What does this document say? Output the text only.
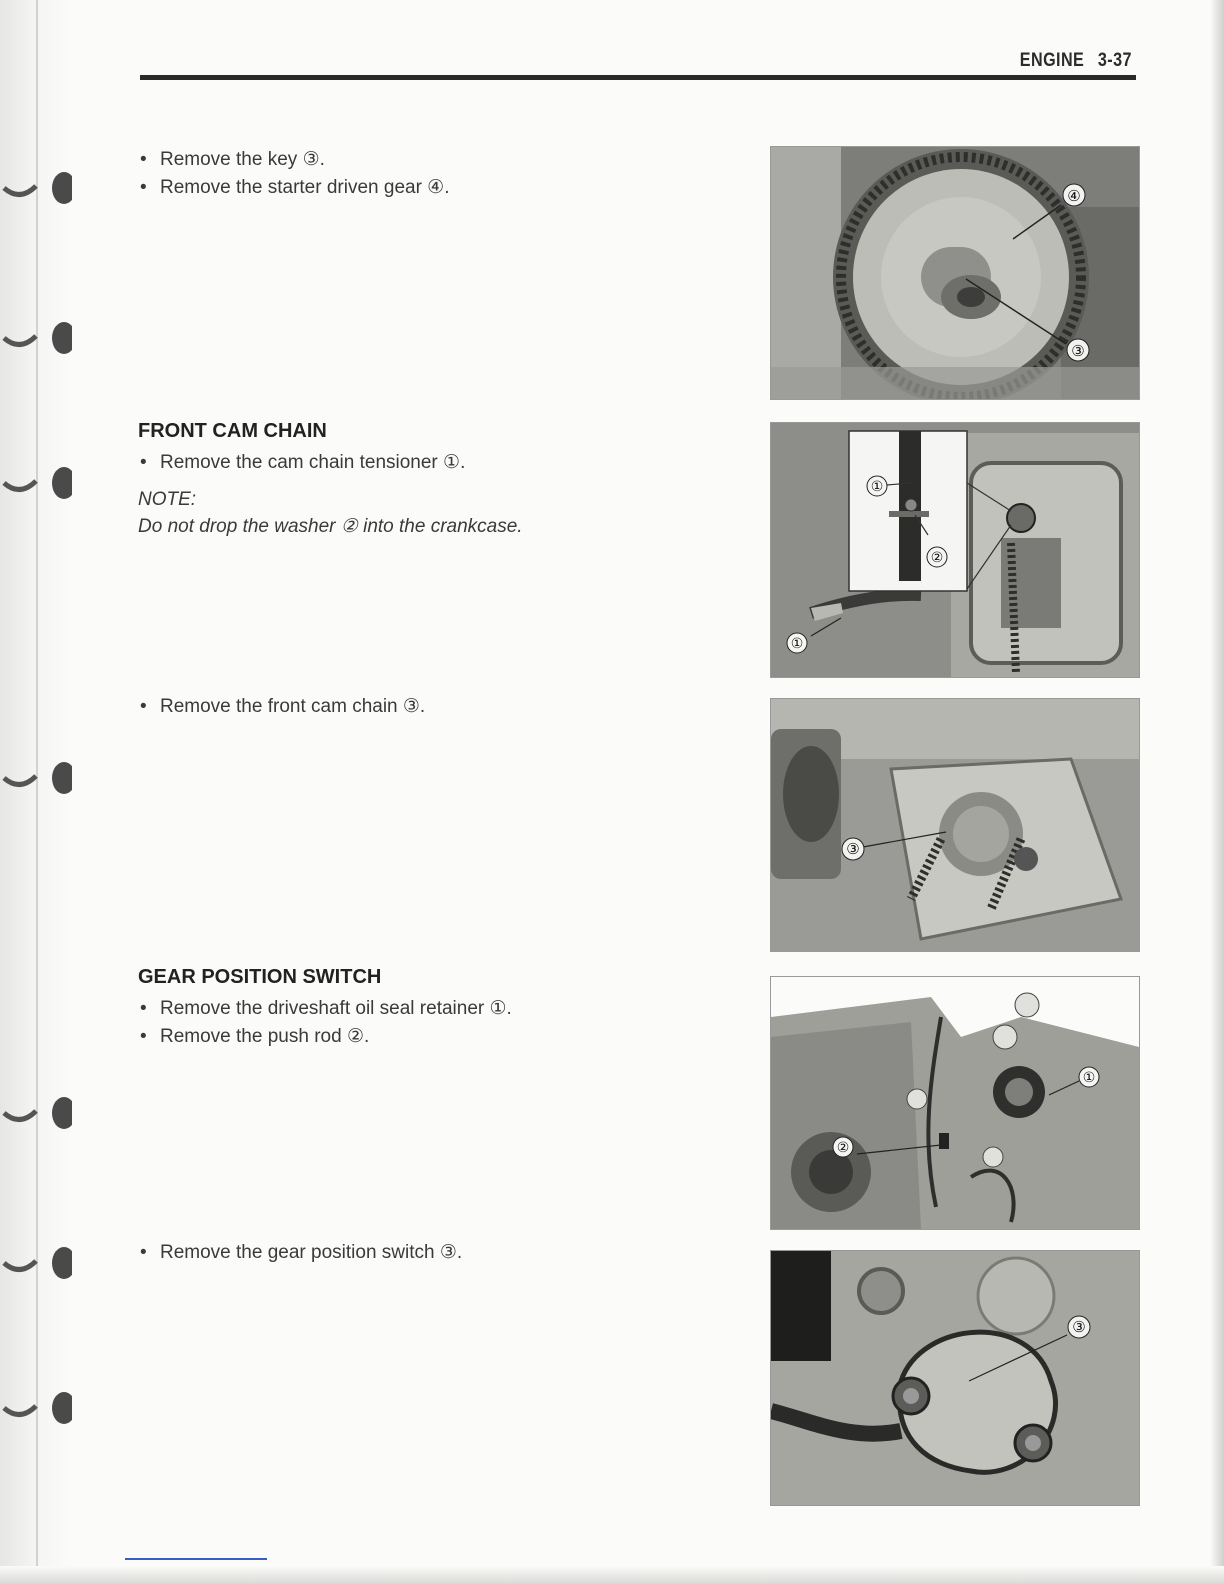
ENGINE 3-37
• Remove the key ③.
• Remove the starter driven gear ④.
FRONT CAM CHAIN
• Remove the cam chain tensioner ①.
NOTE:
Do not drop the washer ② into the crankcase.
• Remove the front cam chain ③.
GEAR POSITION SWITCH
• Remove the driveshaft oil seal retainer ①.
• Remove the push rod ②.
• Remove the gear position switch ③.
④
③
①
②
①
③
①
②
③
